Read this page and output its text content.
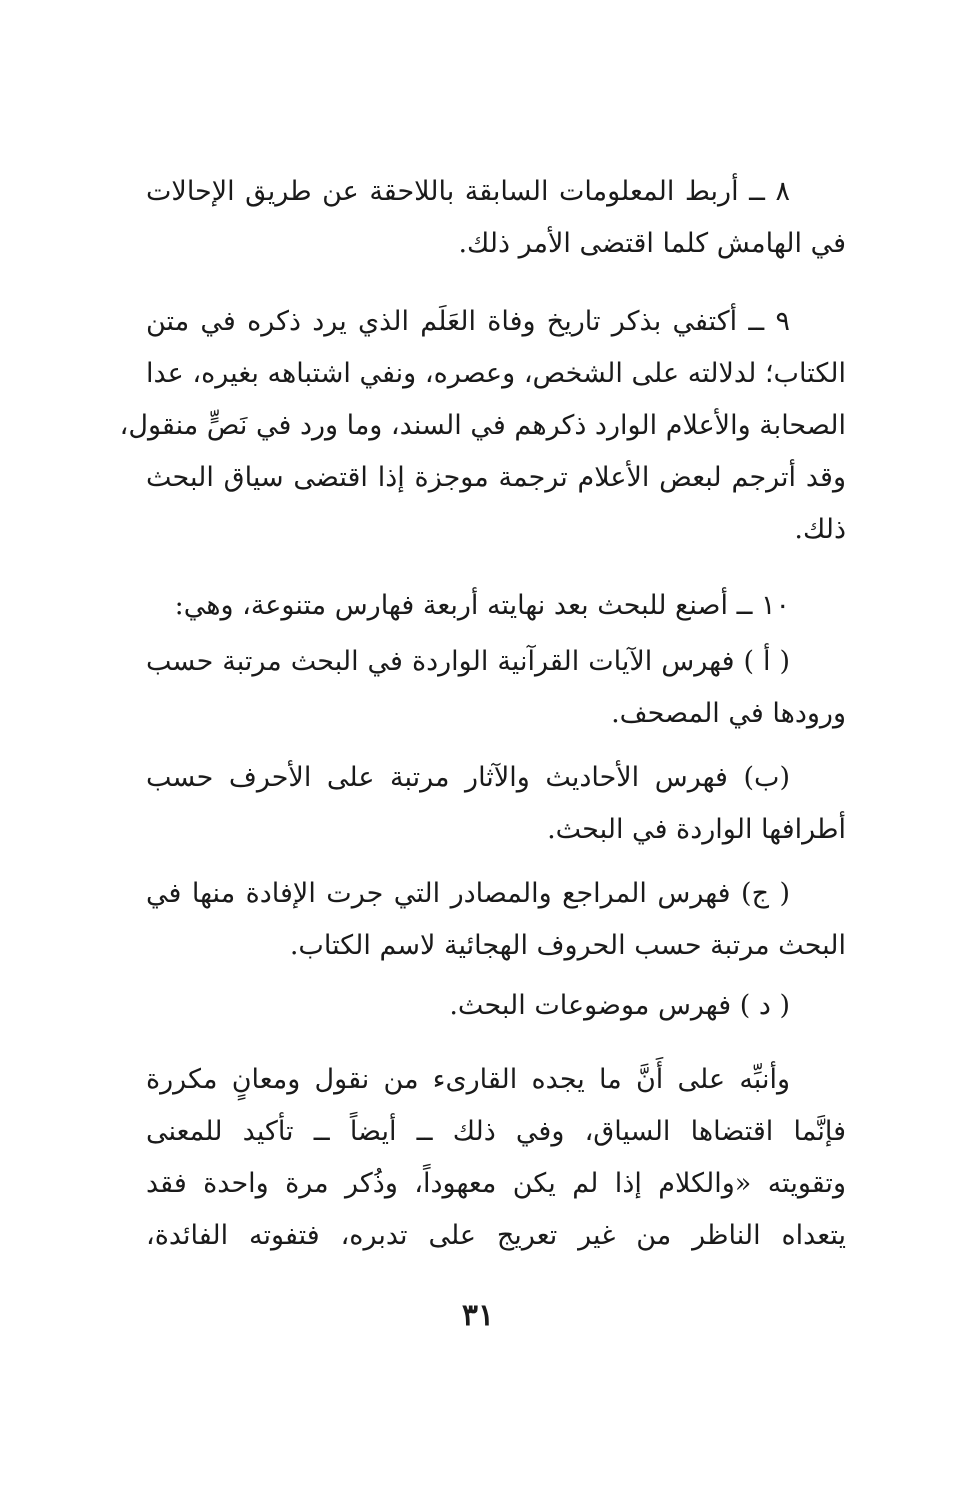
٨ ــ أربط المعلومات السابقة باللاحقة عن طريق الإحالات
في الهامش كلما اقتضى الأمر ذلك.
٩ ــ أكتفي بذكر تاريخ وفاة العَلَم الذي يرد ذكره في متن
الكتاب؛ لدلالته على الشخص، وعصره، ونفي اشتباهه بغيره، عدا
الصحابة والأعلام الوارد ذكرهم في السند، وما ورد في نَصٍّ منقول،
وقد أترجم لبعض الأعلام ترجمة موجزة إذا اقتضى سياق البحث
ذلك.
١٠ ــ أصنع للبحث بعد نهايته أربعة فهارس متنوعة، وهي:
( أ ) فهرس الآيات القرآنية الواردة في البحث مرتبة حسب
ورودها في المصحف.
(ب) فهرس الأحاديث والآثار مرتبة على الأحرف حسب
أطرافها الواردة في البحث.
( ج) فهرس المراجع والمصادر التي جرت الإفادة منها في
البحث مرتبة حسب الحروف الهجائية لاسم الكتاب.
( د ) فهرس موضوعات البحث.
وأنبِّه على أَنَّ ما يجده القارىء من نقول ومعانٍ مكررة
فإنَّما اقتضاها السياق، وفي ذلك ــ أيضاً ــ تأكيد للمعنى
وتقويته «والكلام إذا لم يكن معهوداً، وذُكر مرة واحدة فقد
يتعداه الناظر من غير تعريج على تدبره، فتفوته الفائدة،
٣١
